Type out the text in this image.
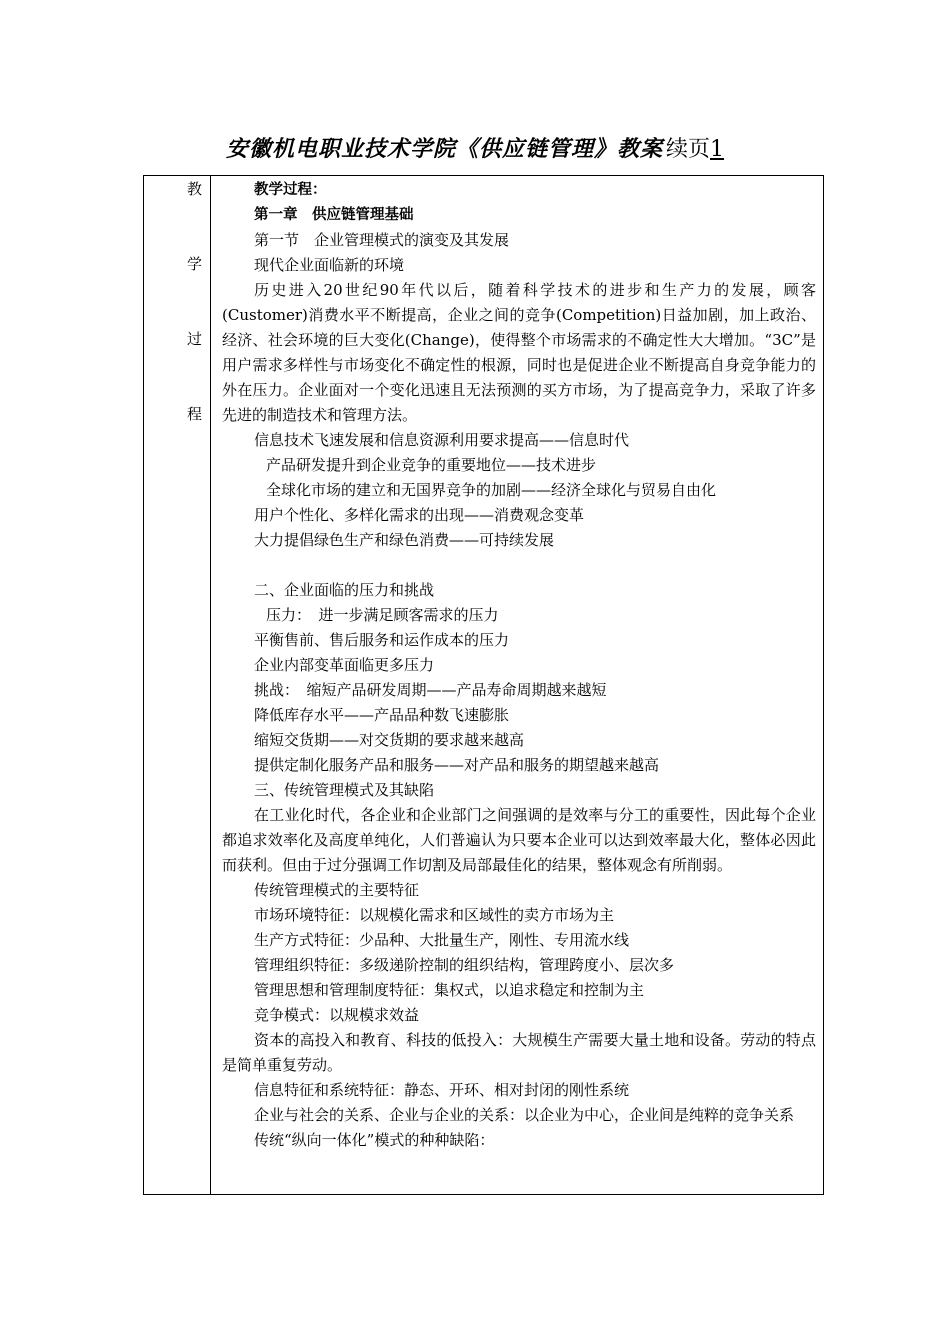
安徽机电职业技术学院《供应链管理》教案 续页1
教
学
过
程

教学过程：

第一章　供应链管理基础

第一节　企业管理模式的演变及其发展

现代企业面临新的环境

历史进入20世纪90年代以后，随着科学技术的进步和生产力的发展，顾客(Customer)消费水平不断提高，企业之间的竞争(Competition)日益加剧，加上政治、经济、社会环境的巨大变化(Change)，使得整个市场需求的不确定性大大增加。“3C”是用户需求多样性与市场变化不确定性的根源，同时也是促进企业不断提高自身竞争能力的外在压力。企业面对一个变化迅速且无法预测的买方市场，为了提高竞争力，采取了许多先进的制造技术和管理方法。

信息技术飞速发展和信息资源利用要求提高——信息时代

产品研发提升到企业竞争的重要地位——技术进步

全球化市场的建立和无国界竞争的加剧——经济全球化与贸易自由化

用户个性化、多样化需求的出现——消费观念变革

大力提倡绿色生产和绿色消费——可持续发展

二、企业面临的压力和挑战

压力：　进一步满足顾客需求的压力

平衡售前、售后服务和运作成本的压力

企业内部变革面临更多压力

挑战：　缩短产品研发周期——产品寿命周期越来越短

降低库存水平——产品品种数飞速膨胀

缩短交货期——对交货期的要求越来越高

提供定制化服务产品和服务——对产品和服务的期望越来越高

三、传统管理模式及其缺陷

在工业化时代，各企业和企业部门之间强调的是效率与分工的重要性，因此每个企业都追求效率化及高度单纯化，人们普遍认为只要本企业可以达到效率最大化，整体必因此而获利。但由于过分强调工作切割及局部最佳化的结果，整体观念有所削弱。

传统管理模式的主要特征

市场环境特征：以规模化需求和区域性的卖方市场为主

生产方式特征：少品种、大批量生产，刚性、专用流水线

管理组织特征：多级递阶控制的组织结构，管理跨度小、层次多

管理思想和管理制度特征：集权式，以追求稳定和控制为主

竞争模式：以规模求效益

资本的高投入和教育、科技的低投入：大规模生产需要大量土地和设备。劳动的特点是简单重复劳动。

信息特征和系统特征：静态、开环、相对封闭的刚性系统

企业与社会的关系、企业与企业的关系：以企业为中心，企业间是纯粹的竞争关系

传统“纵向一体化”模式的种种缺陷：
